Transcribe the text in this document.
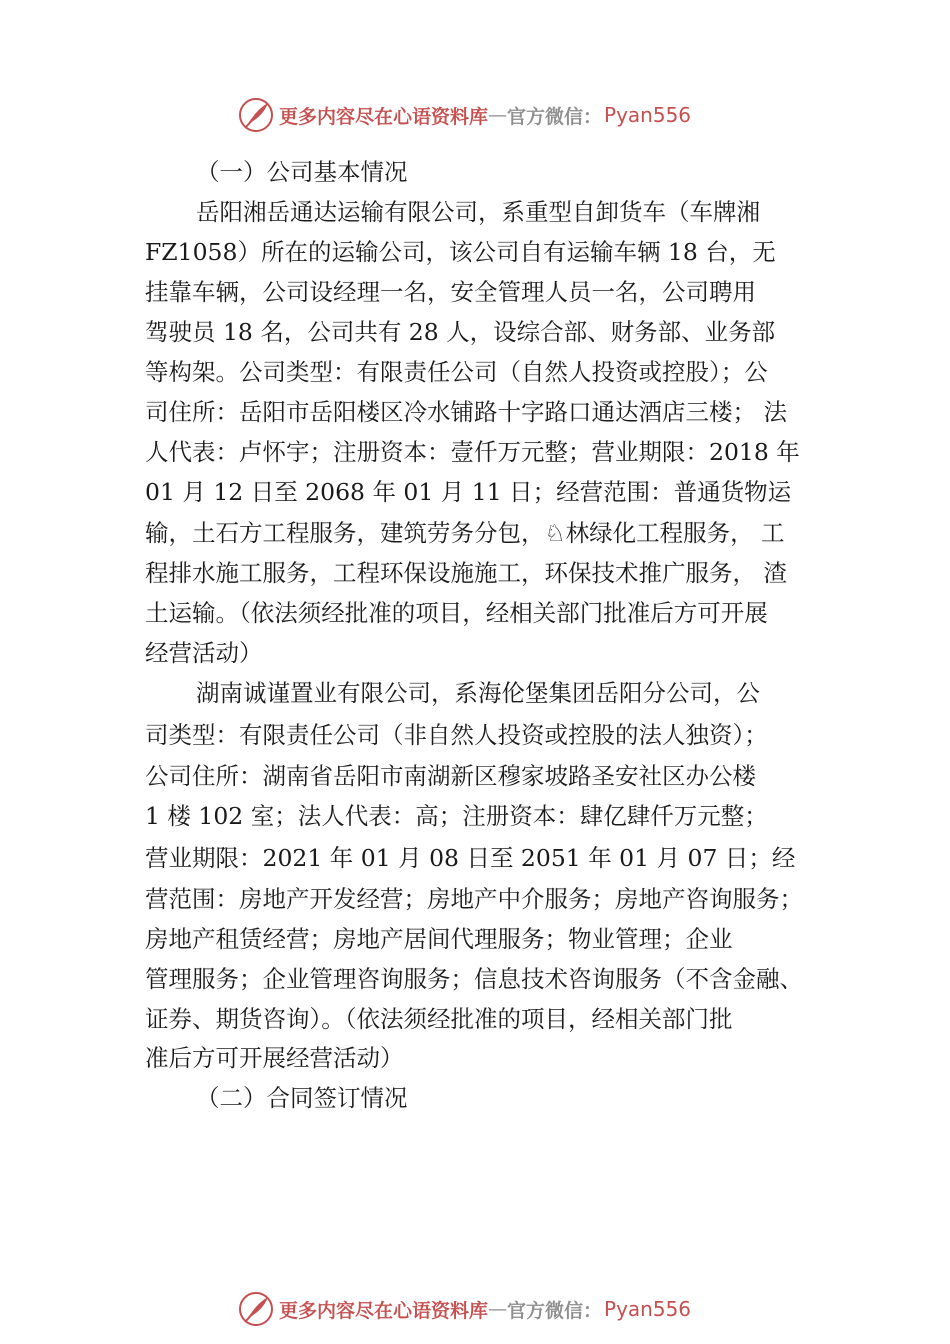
更多内容尽在心语资料库 — 官方微信： Pyan556
（一）公司基本情况
岳阳湘岳通达运输有限公司，系重型自卸货车（车牌湘
FZ1058）所在的运输公司，该公司自有运输车辆 18 台，无
挂靠车辆，公司设经理一名，安全管理人员一名，公司聘用
驾驶员 18 名，公司共有 28 人，设综合部、财务部、业务部
等构架。公司类型：有限责任公司（自然人投资或控股）；公
司住所：岳阳市岳阳楼区冷水铺路十字路口通达酒店三楼； 法
人代表：卢怀宇；注册资本：壹仟万元整；营业期限：2018 年
01 月 12 日至 2068 年 01 月 11 日；经营范围：普通货物运
输，土石方工程服务，建筑劳务分包，♘林绿化工程服务， 工
程排水施工服务，工程环保设施施工，环保技术推广服务， 渣
土运输。（依法须经批准的项目，经相关部门批准后方可开展
经营活动）
湖南诚谨置业有限公司，系海伦堡集团岳阳分公司，公
司类型：有限责任公司（非自然人投资或控股的法人独资）；
公司住所：湖南省岳阳市南湖新区穆家坡路圣安社区办公楼
1 楼 102 室；法人代表：高；注册资本：肆亿肆仟万元整；
营业期限：2021 年 01 月 08 日至 2051 年 01 月 07 日；经
营范围：房地产开发经营；房地产中介服务；房地产咨询服务；
房地产租赁经营；房地产居间代理服务；物业管理；企业
管理服务；企业管理咨询服务；信息技术咨询服务（不含金融、
证券、期货咨询）。（依法须经批准的项目，经相关部门批
准后方可开展经营活动）
（二）合同签订情况
更多内容尽在心语资料库 — 官方微信： Pyan556
